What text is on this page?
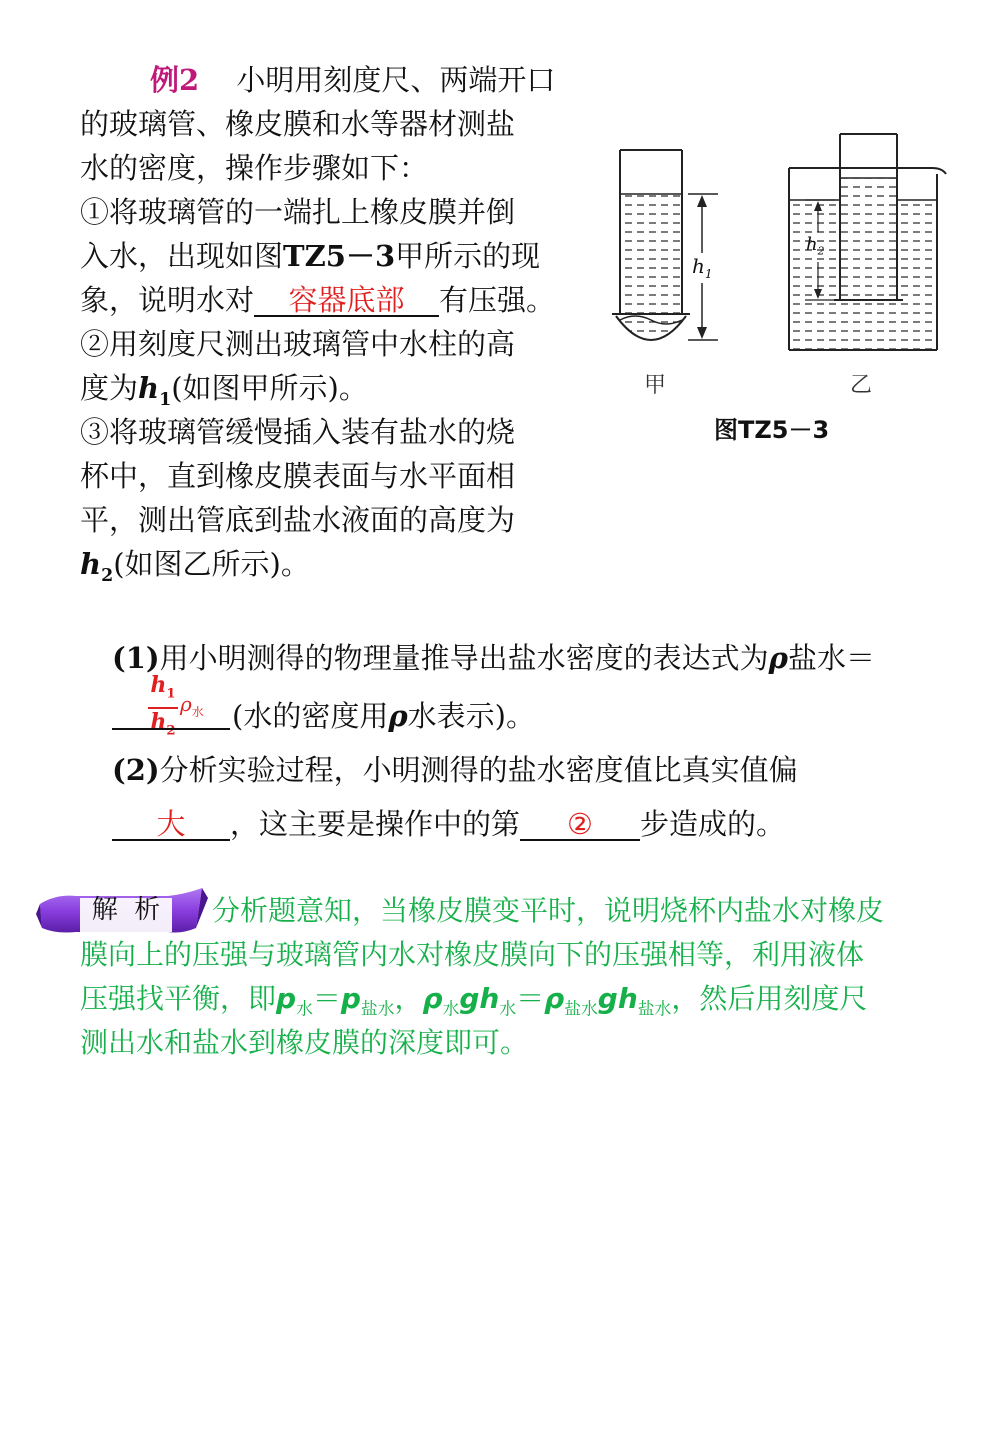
例2 小明用刻度尺、两端开口
的玻璃管、橡皮膜和水等器材测盐
水的密度，操作步骤如下：
①将玻璃管的一端扎上橡皮膜并倒
入水，出现如图TZ5－3甲所示的现
象，说明水对 容器底部 有压强。
②用刻度尺测出玻璃管中水柱的高
度为$h_1$(如图甲所示)。
③将玻璃管缓慢插入装有盐水的烧
杯中，直到橡皮膜表面与水平面相
平，测出管底到盐水液面的高度为
$h_2$(如图乙所示)。
$h_1$
$h_2$
甲	乙
图TZ5－3
(1)用小明测得的物理量推导出盐水密度的表达式为ρ盐水＝
$h_1$
$h_2$
$\rho_水$ (水的密度用ρ水表示)。
(2)分析实验过程，小明测得的盐水密度值比真实值偏
大 ，这主要是操作中的第 ② 步造成的。
解  析	分析题意知，当橡皮膜变平时，说明烧杯内盐水对橡皮
膜向上的压强与玻璃管内水对橡皮膜向下的压强相等，利用液体
压强找平衡，即$p_水=p_{盐水}$，$\rho_水gh_水=\rho_{盐水}gh_{盐水}$，然后用刻度尺
测出水和盐水到橡皮膜的深度即可。
